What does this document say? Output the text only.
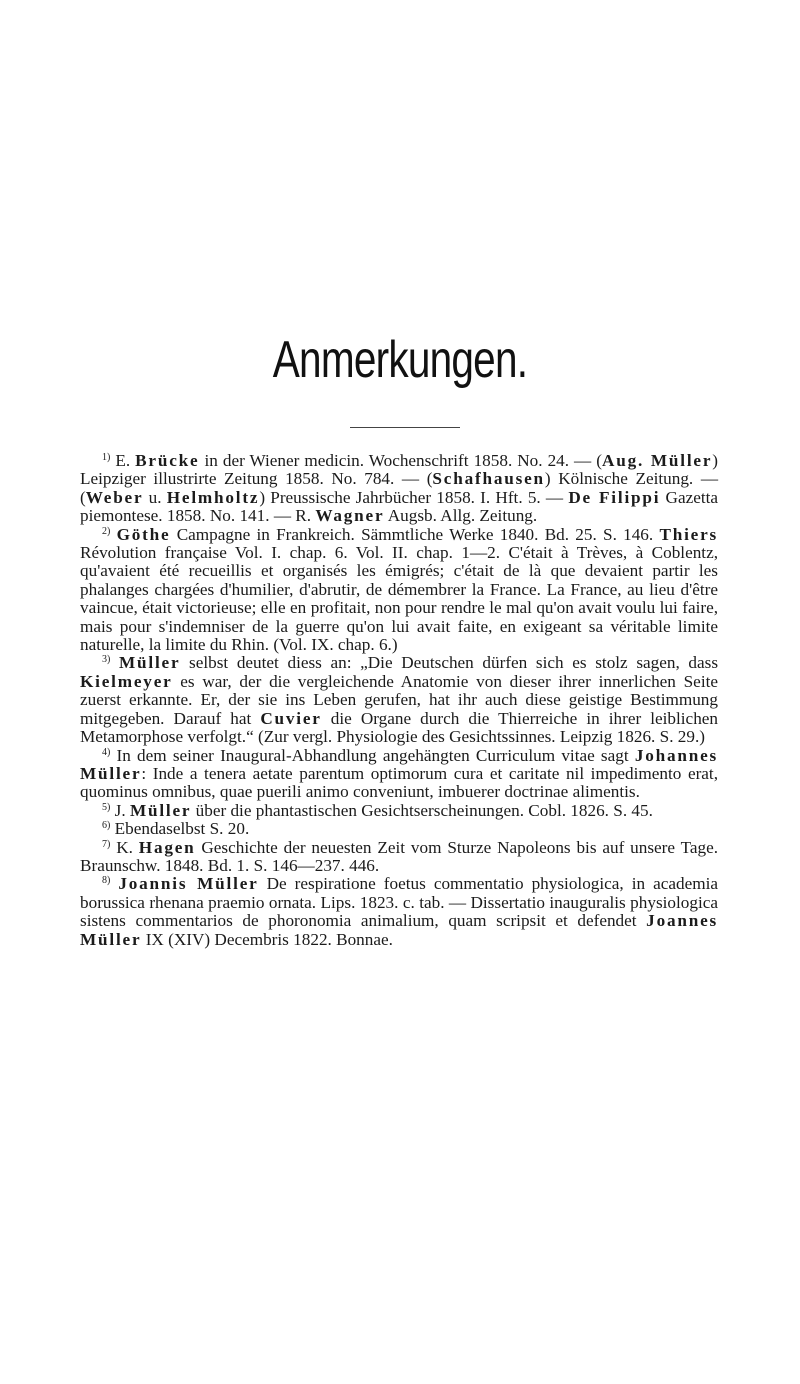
Anmerkungen.

$^{1)}$ E. Brücke in der Wiener medicin. Wochenschrift 1858. No. 24. — (Aug. Müller) Leipziger illustrirte Zeitung 1858. No. 784. — (Schafhausen) Kölnische Zeitung. — (Weber u. Helmholtz) Preussische Jahrbücher 1858. I. Hft. 5. — De Filippi Gazetta piemontese. 1858. No. 141. — R. Wagner Augsb. Allg. Zeitung.

$^{2)}$ Göthe Campagne in Frankreich. Sämmtliche Werke 1840. Bd. 25. S. 146. Thiers Révolution française Vol. I. chap. 6. Vol. II. chap. 1—2. C'était à Trèves, à Coblentz, qu'avaient été recueillis et organisés les émigrés; c'était de là que devaient partir les phalanges chargées d'humilier, d'abrutir, de démembrer la France. La France, au lieu d'être vaincue, était victorieuse; elle en profitait, non pour rendre le mal qu'on avait voulu lui faire, mais pour s'indemniser de la guerre qu'on lui avait faite, en exigeant sa véritable limite naturelle, la limite du Rhin. (Vol. IX. chap. 6.)

$^{3)}$ Müller selbst deutet diess an: „Die Deutschen dürfen sich es stolz sagen, dass Kielmeyer es war, der die vergleichende Anatomie von dieser ihrer innerlichen Seite zuerst erkannte. Er, der sie ins Leben gerufen, hat ihr auch diese geistige Bestimmung mitgegeben. Darauf hat Cuvier die Organe durch die Thierreiche in ihrer leiblichen Metamorphose verfolgt.“ (Zur vergl. Physiologie des Gesichtssinnes. Leipzig 1826. S. 29.)

$^{4)}$ In dem seiner Inaugural-Abhandlung angehängten Curriculum vitae sagt Johannes Müller: Inde a tenera aetate parentum optimorum cura et caritate nil impedimento erat, quominus omnibus, quae puerili animo conveniunt, imbuerer doctrinae alimentis.

$^{5)}$ J. Müller über die phantastischen Gesichtserscheinungen. Cobl. 1826. S. 45.

$^{6)}$ Ebendaselbst S. 20.

$^{7)}$ K. Hagen Geschichte der neuesten Zeit vom Sturze Napoleons bis auf unsere Tage. Braunschw. 1848. Bd. 1. S. 146—237. 446.

$^{8)}$ Joannis Müller De respiratione foetus commentatio physiologica, in academia borussica rhenana praemio ornata. Lips. 1823. c. tab. — Dissertatio inauguralis physiologica sistens commentarios de phoronomia animalium, quam scripsit et defendet Joannes Müller IX (XIV) Decembris 1822. Bonnae.
